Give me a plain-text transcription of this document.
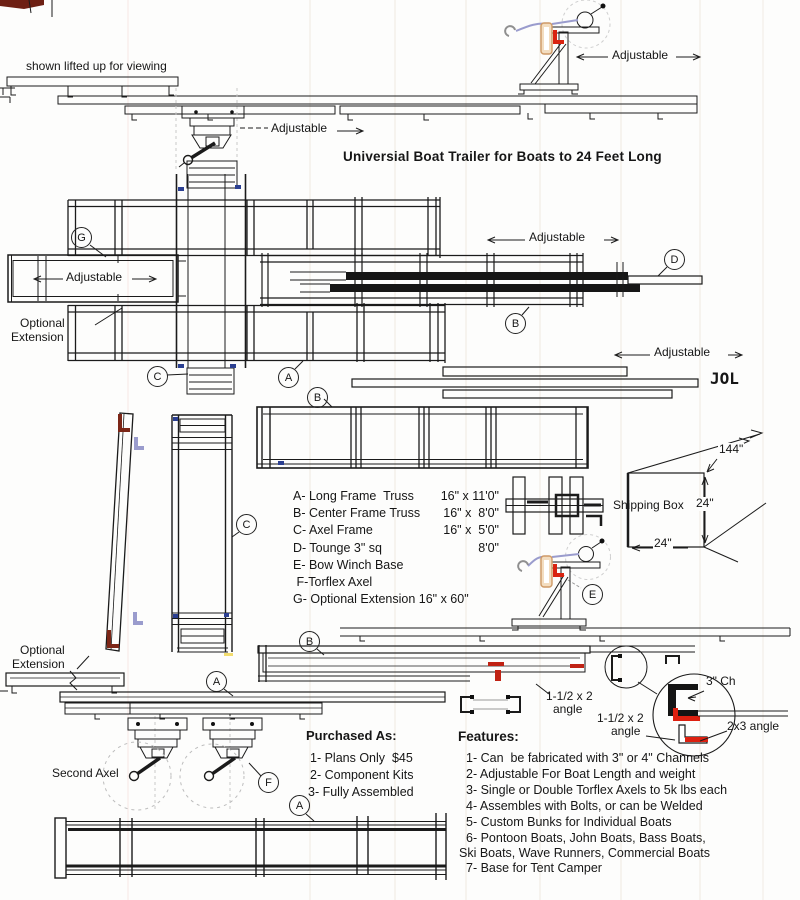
shown lifted up for viewing
Adjustable
Adjustable
Universial Boat Trailer for Boats to 24 Feet Long
Adjustable
Optional
Extension
Adjustable
Adjustable
JOL
A- Long Frame  Truss	16" x 11'0"
B- Center Frame Truss	16" x  8'0"
C- Axel Frame	16" x  5'0"
D- Tounge 3" sq	8'0"
E- Bow Winch Base
F-Torflex Axel
G- Optional Extension 16" x 60"
Shipping Box
144"
24"
24"
1-1/2 x 2
angle
3" Ch
1-1/2 x 2
angle	2x3 angle
Optional
Extension
Second Axel
Purchased As:
1- Plans Only  $45
2- Component Kits
3- Fully Assembled
Features:
1- Can  be fabricated with 3" or 4" Channels
2- Adjustable For Boat Length and weight
3- Single or Double Torflex Axels to 5k lbs each
4- Assembles with Bolts, or can be Welded
5- Custom Bunks for Individual Boats
6- Pontoon Boats, John Boats, Bass Boats,
Ski Boats, Wave Runners, Commercial Boats
7- Base for Tent Camper
G
C	A
B
D
B
C
E
B
A
F
A
